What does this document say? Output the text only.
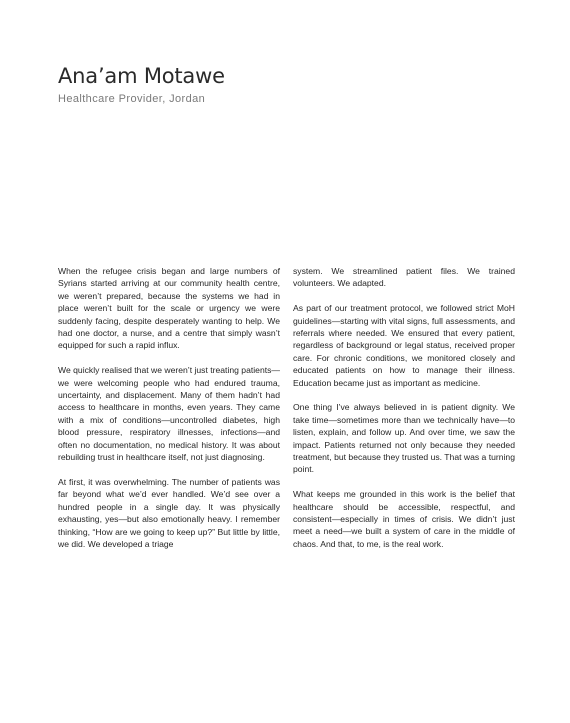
Ana’am Motawe
Healthcare Provider, Jordan

When the refugee crisis began and large numbers of Syrians started arriving at our community health centre, we weren’t prepared, because the systems we had in place weren’t built for the scale or urgency we were suddenly facing, despite desperately wanting to help. We had one doctor, a nurse, and a centre that simply wasn’t equipped for such a rapid influx.

We quickly realised that we weren’t just treating patients—we were welcoming people who had endured trauma, uncertainty, and displacement. Many of them hadn’t had access to healthcare in months, even years. They came with a mix of conditions—uncontrolled diabetes, high blood pressure, respiratory illnesses, infections—and often no documentation, no medical history. It was about rebuilding trust in healthcare itself, not just diagnosing.

At first, it was overwhelming. The number of patients was far beyond what we’d ever handled. We’d see over a hundred people in a single day. It was physically exhausting, yes—but also emotionally heavy. I remember thinking, “How are we going to keep up?” But little by little, we did. We developed a triage

system. We streamlined patient files. We trained volunteers. We adapted.

As part of our treatment protocol, we followed strict MoH guidelines—starting with vital signs, full assessments, and referrals where needed. We ensured that every patient, regardless of background or legal status, received proper care. For chronic conditions, we monitored closely and educated patients on how to manage their illness. Education became just as important as medicine.

One thing I’ve always believed in is patient dignity. We take time—sometimes more than we technically have—to listen, explain, and follow up. And over time, we saw the impact. Patients returned not only because they needed treatment, but because they trusted us. That was a turning point.

What keeps me grounded in this work is the belief that healthcare should be accessible, respectful, and consistent—especially in times of crisis. We didn’t just meet a need—we built a system of care in the middle of chaos. And that, to me, is the real work.
